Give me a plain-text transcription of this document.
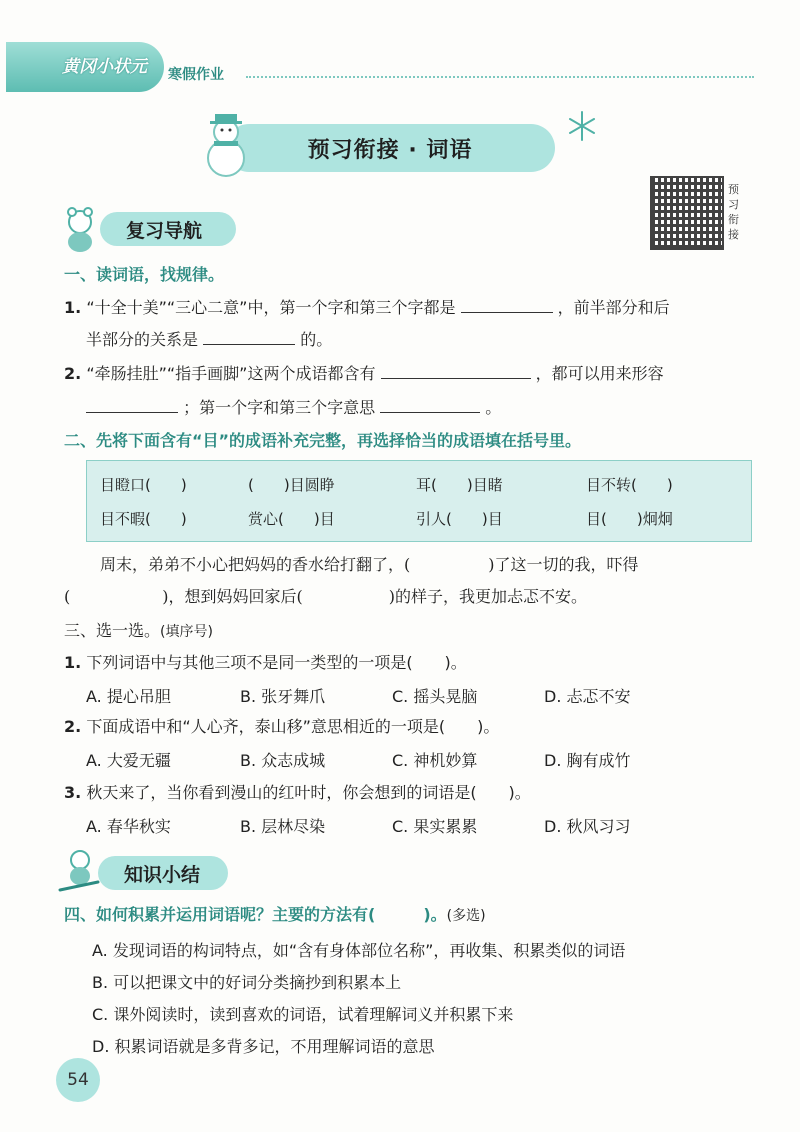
黄冈小状元 寒假作业
预习衔接 · 词语
预习衔接
复习导航
一、读词语，找规律。
1. “十全十美”“三心二意”中，第一个字和第三个字都是	，前半部分和后
半部分的关系是	的。
2. “牵肠挂肚”“指手画脚”这两个成语都含有	，都可以用来形容
；第一个字和第三个字意思	。
二、先将下面含有“目”的成语补充完整，再选择恰当的成语填在括号里。
目瞪口(　　)	(　　)目圆睁	耳(　　)目睹	目不转(　　)
目不暇(　　)	赏心(　　)目	引人(　　)目	目(　　)炯炯
周末，弟弟不小心把妈妈的香水给打翻了，(	)了这一切的我，吓得
(	)，想到妈妈回家后(	)的样子，我更加忐忑不安。
三、选一选。(填序号)
1. 下列词语中与其他三项不是同一类型的一项是(　　)。
A. 提心吊胆	B. 张牙舞爪	C. 摇头晃脑	D. 忐忑不安
2. 下面成语中和“人心齐，泰山移”意思相近的一项是(　　)。
A. 大爱无疆	B. 众志成城	C. 神机妙算	D. 胸有成竹
3. 秋天来了，当你看到漫山的红叶时，你会想到的词语是(　　)。
A. 春华秋实	B. 层林尽染	C. 果实累累	D. 秋风习习
知识小结
四、如何积累并运用词语呢？主要的方法有(　　　)。(多选)
A. 发现词语的构词特点，如“含有身体部位名称”，再收集、积累类似的词语
B. 可以把课文中的好词分类摘抄到积累本上
C. 课外阅读时，读到喜欢的词语，试着理解词义并积累下来
D. 积累词语就是多背多记，不用理解词语的意思
54
